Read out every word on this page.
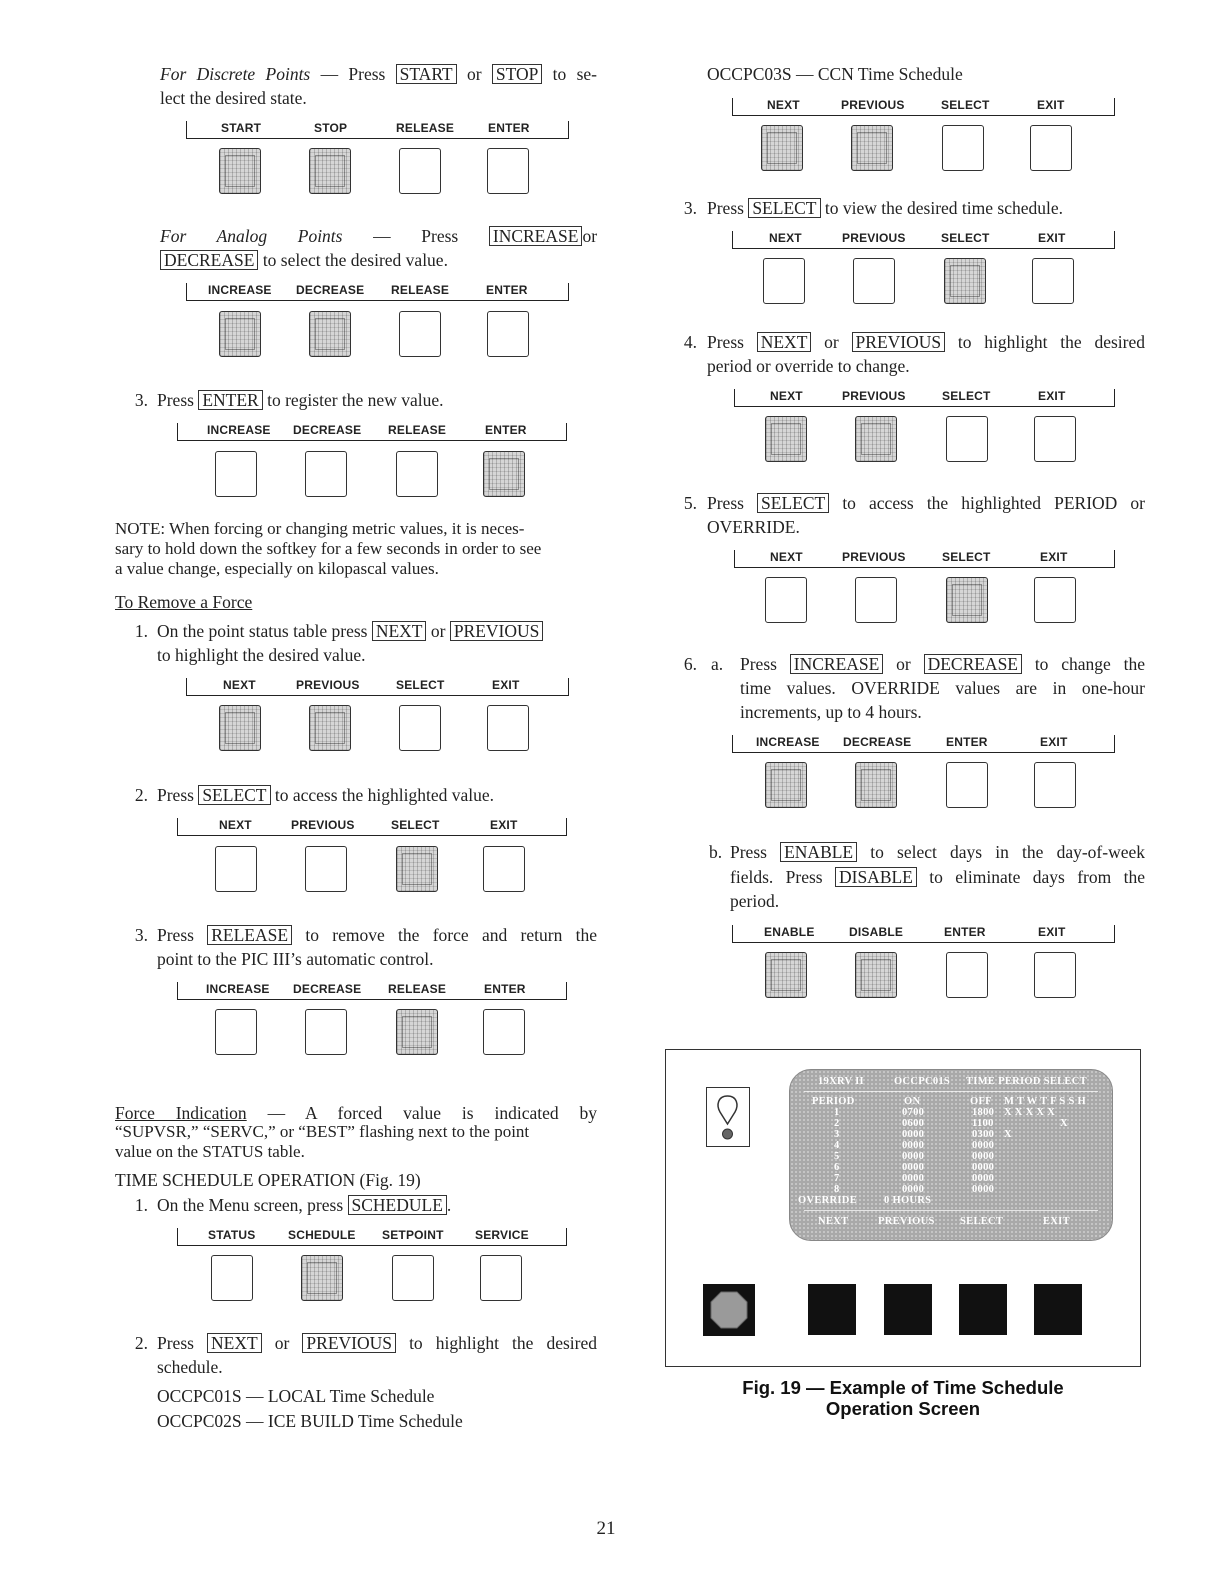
For Discrete Points — Press START or STOP to se-
lect the desired state.
START	STOP	RELEASE	ENTER
For Analog Points — Press INCREASE or
DECREASE to select the desired value.
INCREASE DECREASE RELEASE	ENTER
3. Press ENTER to register the new value.
INCREASE DECREASE RELEASE	ENTER
NOTE: When forcing or changing metric values, it is neces-
sary to hold down the softkey for a few seconds in order to see
a value change, especially on kilopascal values.
To Remove a Force
1. On the point status table press NEXT or PREVIOUS
to highlight the desired value.
NEXT	PREVIOUS	SELECT	EXIT
2. Press SELECT to access the highlighted value.
NEXT	PREVIOUS	SELECT	EXIT
3. Press RELEASE to remove the force and return the
point to the PIC III’s automatic control.
INCREASE DECREASE RELEASE	ENTER
Force Indication — A forced value is indicated by
“SUPVSR,” “SERVC,” or “BEST” flashing next to the point
value on the STATUS table.
TIME SCHEDULE OPERATION (Fig. 19)
1. On the Menu screen, press SCHEDULE .
STATUS	SCHEDULE SETPOINT	SERVICE
2. Press NEXT or PREVIOUS to highlight the desired
schedule.
OCCPC01S — LOCAL Time Schedule
OCCPC02S — ICE BUILD Time Schedule
OCCPC03S — CCN Time Schedule
NEXT	PREVIOUS	SELECT	EXIT
3. Press SELECT to view the desired time schedule.
NEXT	PREVIOUS	SELECT	EXIT
4. Press NEXT or PREVIOUS to highlight the desired
period or override to change.
NEXT	PREVIOUS	SELECT	EXIT
5. Press SELECT to access the highlighted PERIOD or
OVERRIDE.
NEXT	PREVIOUS	SELECT	EXIT
6. a. Press INCREASE or DECREASE to change the
time values. OVERRIDE values are in one-hour
increments, up to 4 hours.
INCREASE DECREASE	ENTER	EXIT
b. Press ENABLE to select days in the day-of-week
fields. Press DISABLE to eliminate days from the
period.
ENABLE	DISABLE	ENTER	EXIT
19XRV II	OCCPC01S TIME PERIOD SELECT
PERIOD	ON	OFF M T W T F S S H
1	0700	1800 X X X X X
2	0600	1100	X
3	0000	0300 X
4	0000	0000
5	0000	0000
6	0000	0000
7	0000	0000
8	0000	0000
OVERRIDE	0 HOURS
NEXT	PREVIOUS SELECT	EXIT
Fig. 19 — Example of Time Schedule
Operation Screen
21
